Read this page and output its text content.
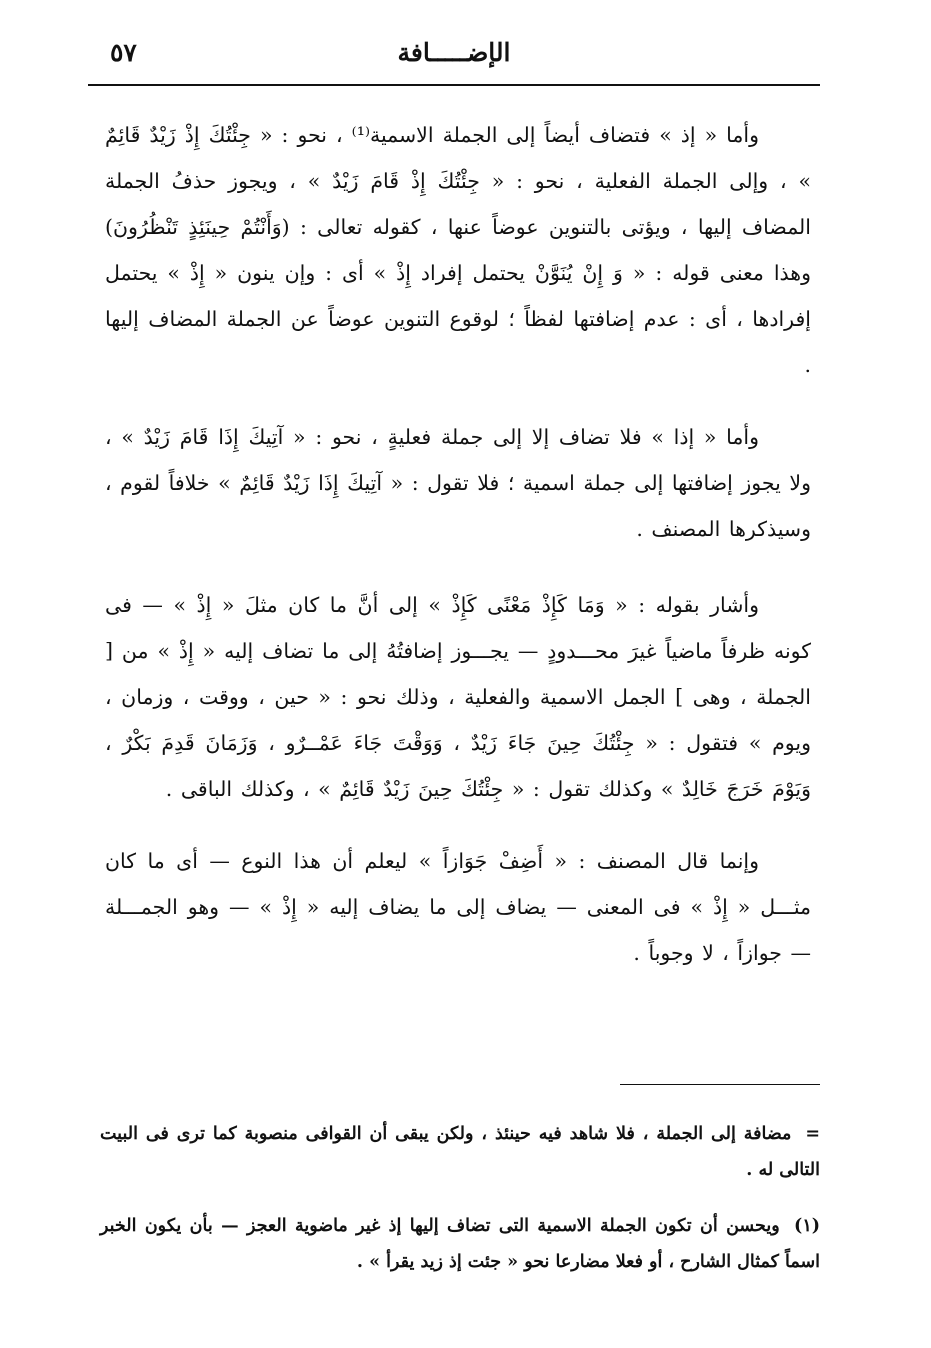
الإضـــــافة
٥٧

وأما « إذ » فتضاف أيضاً إلى الجملة الاسمية⁽¹⁾ ، نحو : « جِئْتُكَ إِذْ زَيْدٌ قَائِمٌ » ، وإلى الجملة الفعلية ، نحو : « جِئْتُكَ إِذْ قَامَ زَيْدٌ » ، ويجوز حذفُ الجملة المضاف إليها ، ويؤتى بالتنوين عوضاً عنها ، كقوله تعالى : (وَأَنْتُمْ حِينَئِذٍ تَنْظُرُونَ) وهذا معنى قوله : « وَ إِنْ يُنَوَّنْ يحتمل إفراد إِذْ » أى : وإن ينون « إِذْ » يحتمل إفرادها ، أى : عدم إضافتها لفظاً ؛ لوقوع التنوين عوضاً عن الجملة المضاف إليها .

وأما « إذا » فلا تضاف إلا إلى جملة فعليةٍ ، نحو : « آتِيكَ إِذَا قَامَ زَيْدٌ » ، ولا يجوز إضافتها إلى جملة اسمية ؛ فلا تقول : « آتِيكَ إِذَا زَيْدٌ قَائِمٌ » خلافاً لقوم ، وسيذكرها المصنف .

وأشار بقوله : « وَمَا كَإِذْ مَعْنًى كَإِذْ » إلى أنَّ ما كان مثلَ « إِذْ » — فى كونه ظرفاً ماضياً غيرَ محـــدودٍ — يجـــوز إضافتُهُ إلى ما تضاف إليه « إِذْ » من [ الجملة ، وهى ] الجمل الاسمية والفعلية ، وذلك نحو : « حين ، ووقت ، وزمان ، ويوم » فتقول : « جِئْتُكَ حِينَ جَاءَ زَيْدٌ ، وَوَقْتَ جَاءَ عَمْــرٌو ، وَزَمَانَ قَدِمَ بَكْرٌ ، وَيَوْمَ خَرَجَ خَالِدٌ » وكذلك تقول : « جِئْتُكَ حِينَ زَيْدٌ قَائِمٌ » ، وكذلك الباقى .

وإنما قال المصنف : « أَضِفْ جَوَازاً » ليعلم أن هذا النوع — أى ما كان مثـــل « إِذْ » فى المعنى — يضاف إلى ما يضاف إليه « إِذْ » — وهو الجمـــلة — جوازاً ، لا وجوباً .

= مضافة إلى الجملة ، فلا شاهد فيه حينئذ ، ولكن يبقى أن القوافى منصوبة كما ترى فى البيت التالى له .

(١) ويحسن أن تكون الجملة الاسمية التى تضاف إليها إذ غير ماضوية العجز — بأن يكون الخبر اسماً كمثال الشارح ، أو فعلا مضارعا نحو « جئت إذ زيد يقرأ » .
